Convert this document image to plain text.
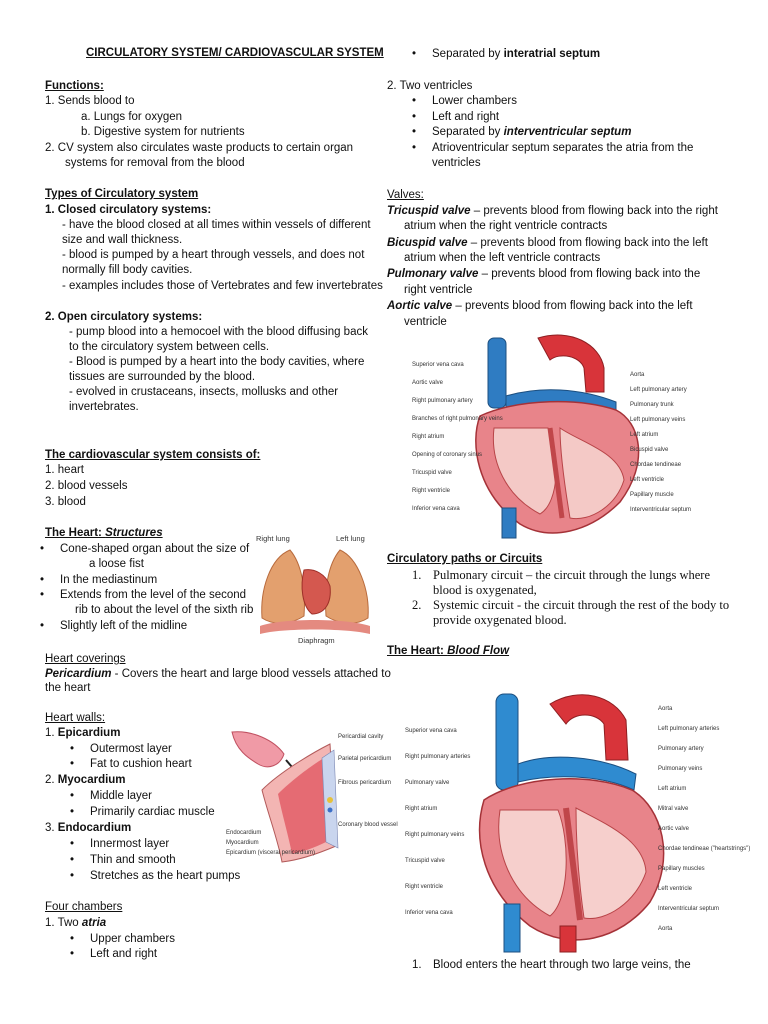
CIRCULATORY SYSTEM/ CARDIOVASCULAR SYSTEM
Functions:
1. Sends blood to
a. Lungs for oxygen
b. Digestive system for nutrients
2. CV system also circulates waste products to certain organ
systems for removal from the blood
Types of Circulatory system
1. Closed circulatory systems:
- have the blood closed at all times within vessels of different
size and wall thickness.
- blood is pumped by a heart through vessels, and does not
normally fill body cavities.
- examples includes those of Vertebrates and few invertebrates
2. Open circulatory systems:
- pump blood into a hemocoel with the blood diffusing back
to the circulatory system between cells.
- Blood is pumped by a heart into the body cavities, where
tissues are surrounded by the blood.
- evolved in crustaceans, insects, mollusks and other
invertebrates.
The cardiovascular system consists of:
1. heart
2. blood vessels
3. blood
The Heart: Structures
• Cone-shaped organ about the size of
a loose fist
• In the mediastinum
• Extends from the level of the second
rib to about the level of the sixth rib
• Slightly left of the midline
Right lung	Left lung
Diaphragm
Heart coverings
Pericardium - Covers the heart and large blood vessels attached to
the heart
Heart walls:
1. Epicardium
• Outermost layer
• Fat to cushion heart
2. Myocardium
• Middle layer
• Primarily cardiac muscle
3. Endocardium
• Innermost layer
• Thin and smooth
• Stretches as the heart pumps
Pericardial cavity
Parietal pericardium
Fibrous pericardium
Coronary blood vessel
Endocardium
Myocardium
Epicardium (visceral pericardium)
Four chambers
1. Two atria
• Upper chambers
• Left and right
• Separated by interatrial septum
2. Two ventricles
• Lower chambers
• Left and right
• Separated by interventricular septum
• Atrioventricular septum separates the atria from the
ventricles
Valves:
Tricuspid valve – prevents blood from flowing back into the right
atrium when the right ventricle contracts
Bicuspid valve – prevents blood from flowing back into the left
atrium when the left ventricle contracts
Pulmonary valve – prevents blood from flowing back into the
right ventricle
Aortic valve – prevents blood from flowing back into the left
ventricle
Superior vena cava
Aortic valve
Right pulmonary artery
Branches of right pulmonary veins
Right atrium
Opening of coronary sinus
Tricuspid valve
Right ventricle
Inferior vena cava
Aorta
Left pulmonary artery
Pulmonary trunk
Left pulmonary veins
Left atrium
Bicuspid valve
Chordae tendineae
Left ventricle
Papillary muscle
Interventricular septum
Circulatory paths or Circuits
1. Pulmonary circuit – the circuit through the lungs where
blood is oxygenated,
2. Systemic circuit - the circuit through the rest of the body to
provide oxygenated blood.
The Heart: Blood Flow
Superior vena cava
Right pulmonary arteries
Pulmonary valve
Right atrium
Right pulmonary veins
Tricuspid valve
Right ventricle
Inferior vena cava
Aorta
Left pulmonary arteries
Pulmonary artery
Pulmonary veins
Left atrium
Mitral valve
Aortic valve
Chordae tendineae ("heartstrings")
Papillary muscles
Left ventricle
Interventricular septum
Aorta
1. Blood enters the heart through two large veins, the
